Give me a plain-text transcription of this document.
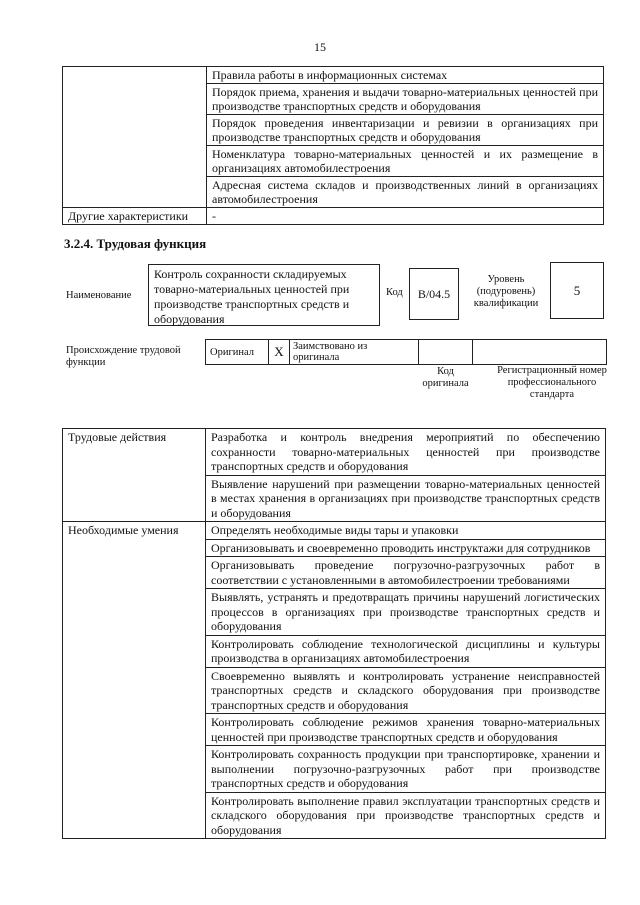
15
	Правила работы в информационных системах
	Порядок приема, хранения и выдачи товарно-материальных ценностей при производстве транспортных средств и оборудования
	Порядок проведения инвентаризации и ревизии в организациях при производстве транспортных средств и оборудования
	Номенклатура товарно-материальных ценностей и их размещение в организациях автомобилестроения
	Адресная система складов и производственных линий в организациях автомобилестроения
Другие характеристики	-
3.2.4. Трудовая функция
Наименование
Контроль сохранности складируемых товарно-материальных ценностей при производстве транспортных средств и оборудования
Код	B/04.5
Уровень (подуровень) квалификации
5
Происхождение трудовой функции
Оригинал	X Заимствовано из оригинала
Код оригинала
Регистрационный номер профессионального стандарта
Трудовые действия	Разработка и контроль внедрения мероприятий по обеспечению сохранности товарно-материальных ценностей при производстве транспортных средств и оборудования
	Выявление нарушений при размещении товарно-материальных ценностей в местах хранения в организациях при производстве транспортных средств и оборудования
Необходимые умения	Определять необходимые виды тары и упаковки
	Организовывать и своевременно проводить инструктажи для сотрудников
	Организовывать проведение погрузочно-разгрузочных работ в соответствии с установленными в автомобилестроении требованиями
	Выявлять, устранять и предотвращать причины нарушений логистических процессов в организациях при производстве транспортных средств и оборудования
	Контролировать соблюдение технологической дисциплины и культуры производства в организациях автомобилестроения
	Своевременно выявлять и контролировать устранение неисправностей транспортных средств и складского оборудования при производстве транспортных средств и оборудования
	Контролировать соблюдение режимов хранения товарно-материальных ценностей при производстве транспортных средств и оборудования
	Контролировать сохранность продукции при транспортировке, хранении и выполнении погрузочно-разгрузочных работ при производстве транспортных средств и оборудования
	Контролировать выполнение правил эксплуатации транспортных средств и складского оборудования при производстве транспортных средств и оборудования
